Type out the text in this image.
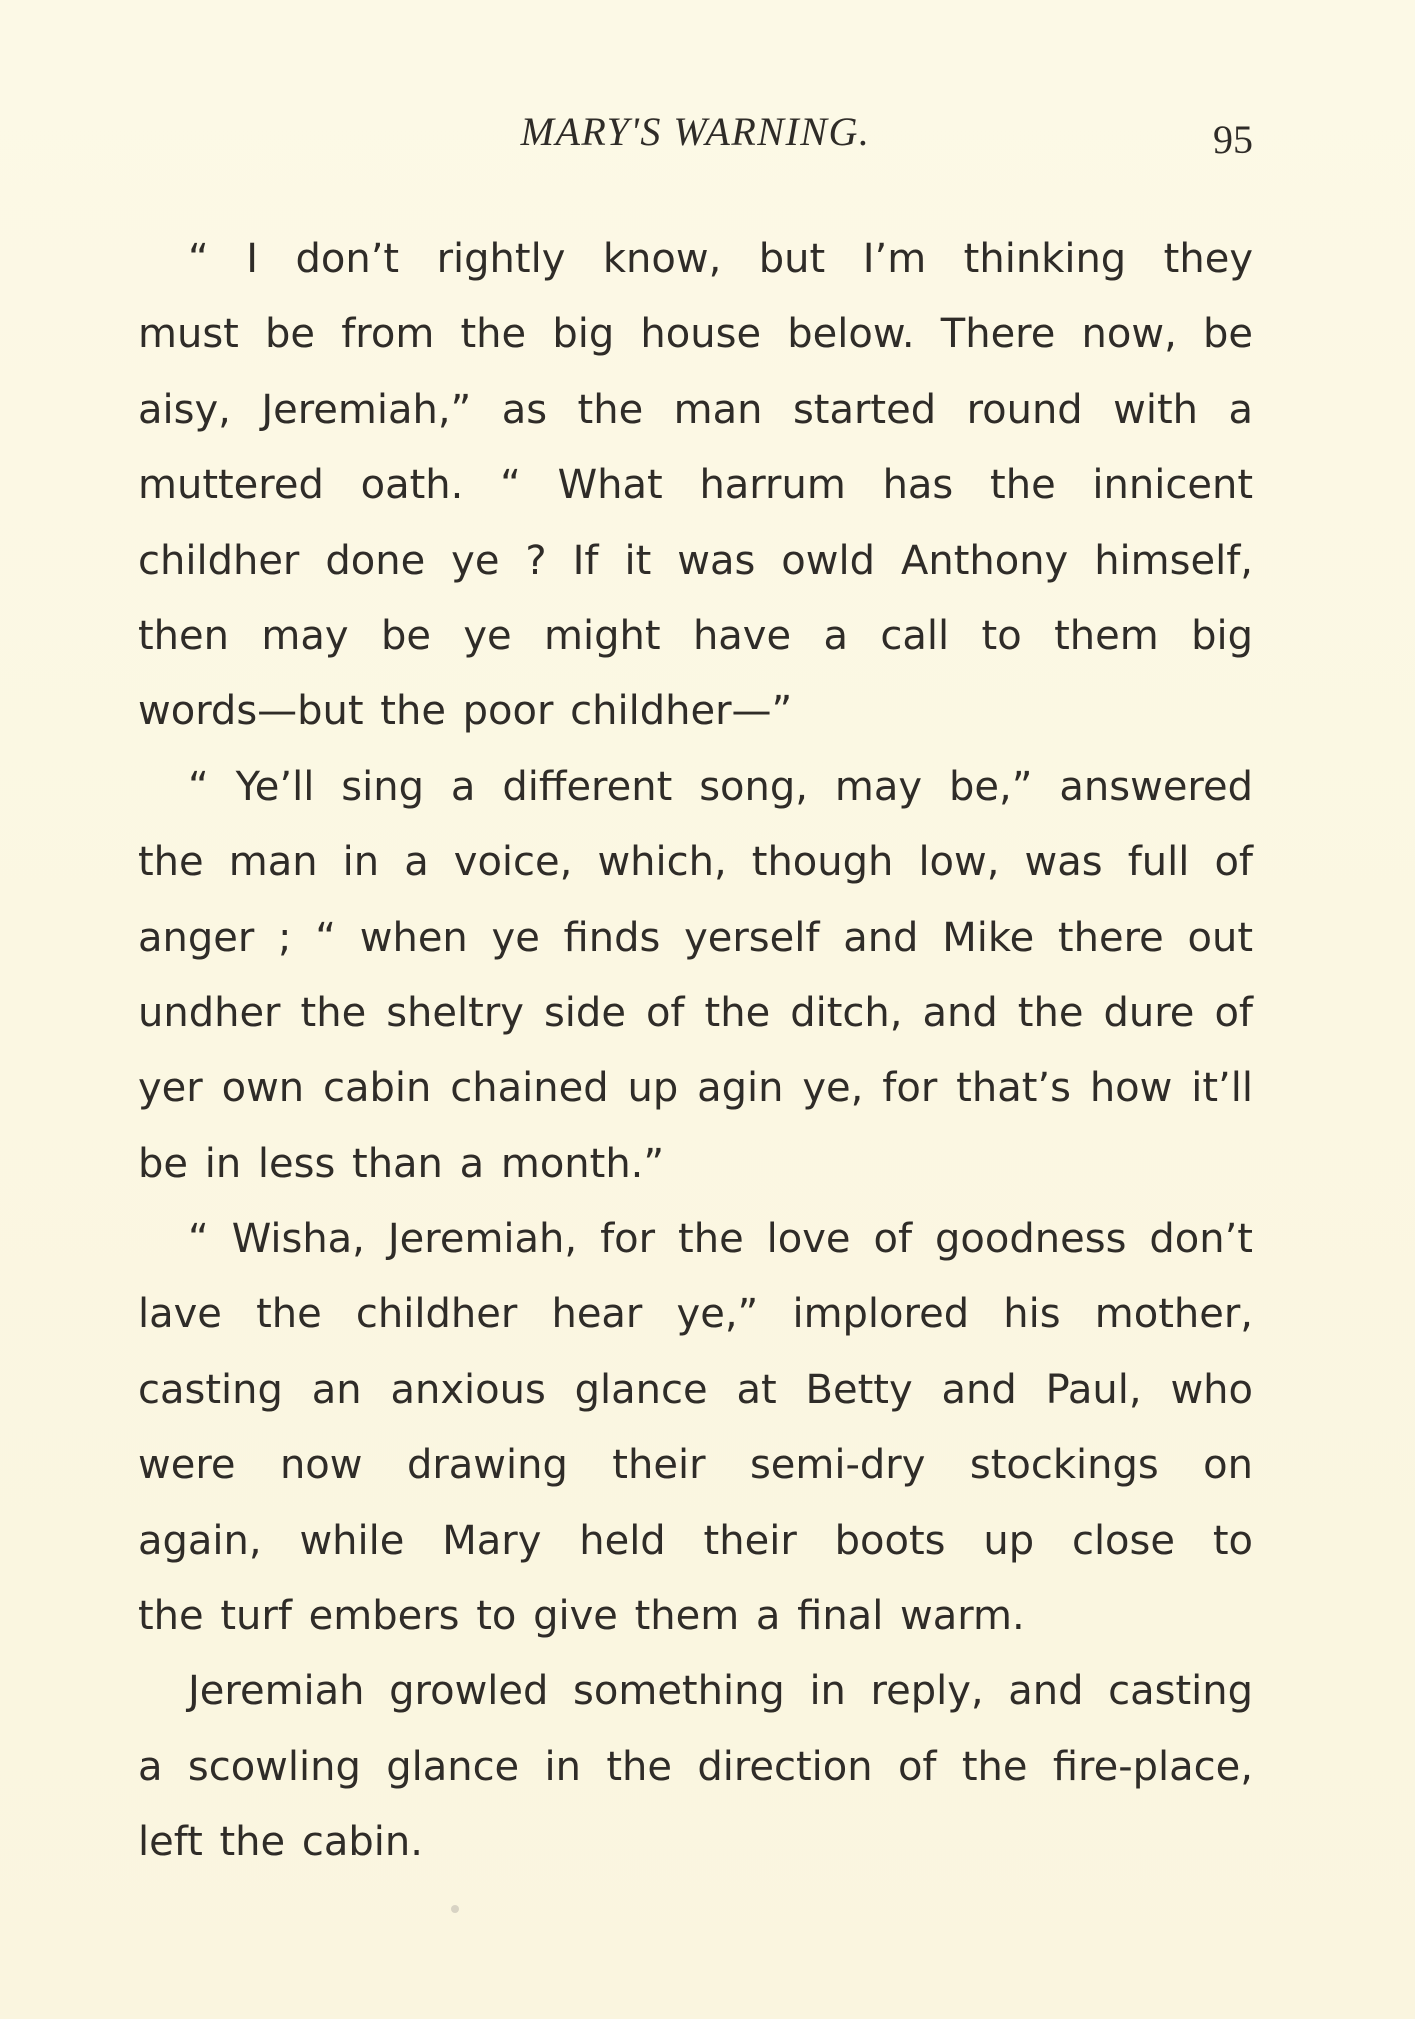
MARY'S WARNING.	95
“ I don’t rightly know, but I’m thinking they
must be from the big house below. There now, be
aisy, Jeremiah,” as the man started round with a
muttered oath. “ What harrum has the innicent
childher done ye ? If it was owld Anthony himself,
then may be ye might have a call to them big
words—but the poor childher—”
“ Ye’ll sing a different song, may be,” answered
the man in a voice, which, though low, was full of
anger ; “ when ye finds yerself and Mike there out
undher the sheltry side of the ditch, and the dure of
yer own cabin chained up agin ye, for that’s how it’ll
be in less than a month.”
“ Wisha, Jeremiah, for the love of goodness don’t
lave the childher hear ye,” implored his mother,
casting an anxious glance at Betty and Paul, who
were now drawing their semi-dry stockings on
again, while Mary held their boots up close to
the turf embers to give them a final warm.
Jeremiah growled something in reply, and casting
a scowling glance in the direction of the fire-place,
left the cabin.
